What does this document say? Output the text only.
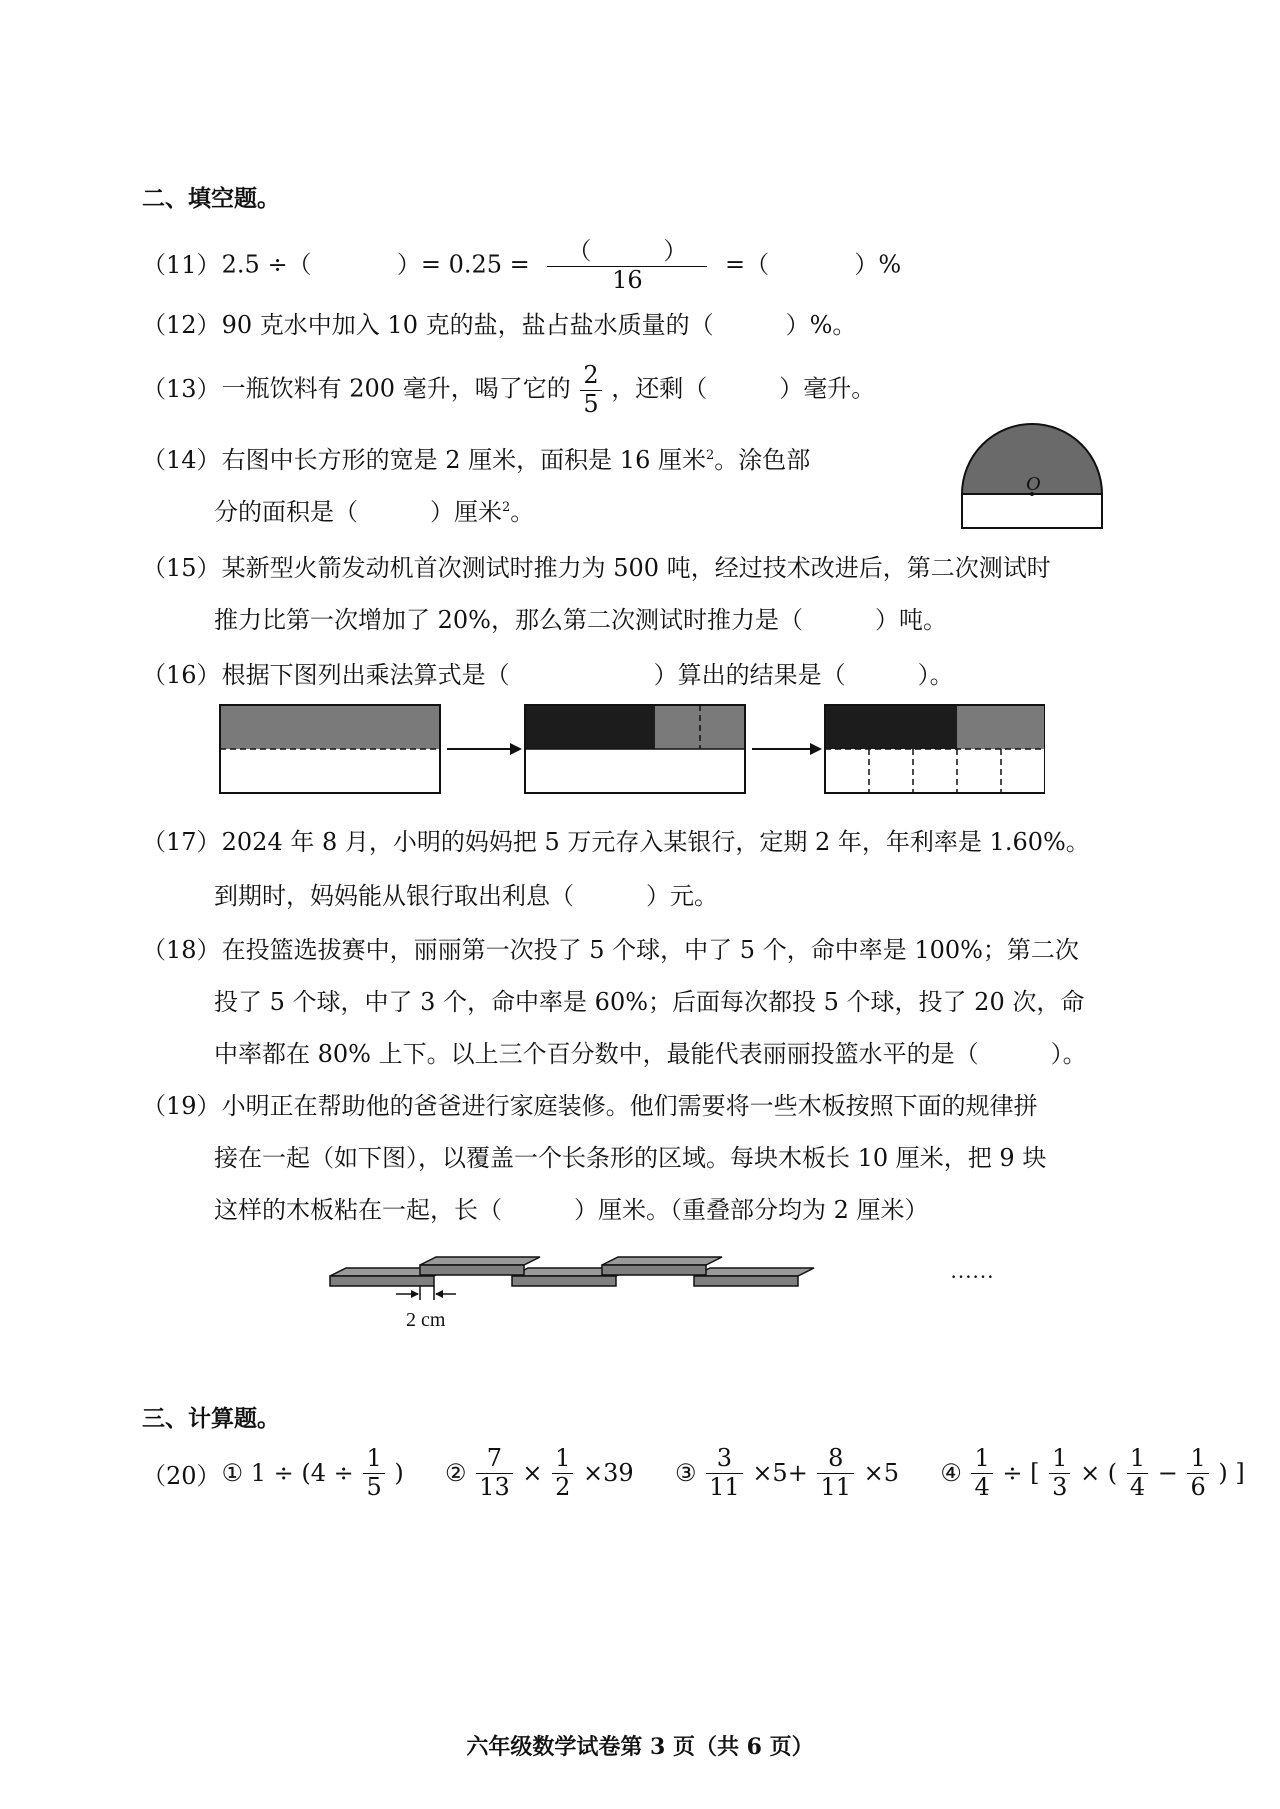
二、填空题。
（11） 2.5 ÷（	）= $0.25 = \frac{( )}{16}$ =（	）%
（12） 90 克水中加入 10 克的盐，盐占盐水质量的（　　　）%。
（13） 一瓶饮料有 200 毫升，喝了它的 $\frac{2}{5}$ ，还剩（　　　）毫升。
（14） 右图中长方形的宽是 2 厘米，面积是 16 厘米$^2$。涂色部
分的面积是（　　　）厘米$^2$。
O
（15） 某新型火箭发动机首次测试时推力为 500 吨，经过技术改进后，第二次测试时
推力比第一次增加了 20%，那么第二次测试时推力是（　　　）吨。
（16） 根据下图列出乘法算式是（　　　　　　）算出的结果是（　　　）。
（17） 2024 年 8 月，小明的妈妈把 5 万元存入某银行，定期 2 年，年利率是 1.60%。
到期时，妈妈能从银行取出利息（　　　）元。
（18） 在投篮选拔赛中，丽丽第一次投了 5 个球，中了 5 个，命中率是 100%；第二次
投了 5 个球，中了 3 个，命中率是 60%；后面每次都投 5 个球，投了 20 次，命
中率都在 80% 上下。以上三个百分数中，最能代表丽丽投篮水平的是（　　　）。
（19） 小明正在帮助他的爸爸进行家庭装修。他们需要将一些木板按照下面的规律拼
接在一起（如下图），以覆盖一个长条形的区域。每块木板长 10 厘米，把 9 块
这样的木板粘在一起，长（　　　）厘米。（重叠部分均为 2 厘米）
2 cm
……
三、计算题。
（20） ① $1 \div (4 \div \frac{1}{5}$ ) ② $\frac{7}{13} \times \frac{1}{2} \times 39$ ③ $\frac{3}{11} \times 5+ \frac{8}{11} \times 5$ ④ $\frac{1}{4}$ ÷ [ $\frac{1}{3}$ × ( $\frac{1}{4} - \frac{1}{6}$ ) ]
六年级数学试卷第 3 页（共 6 页）
